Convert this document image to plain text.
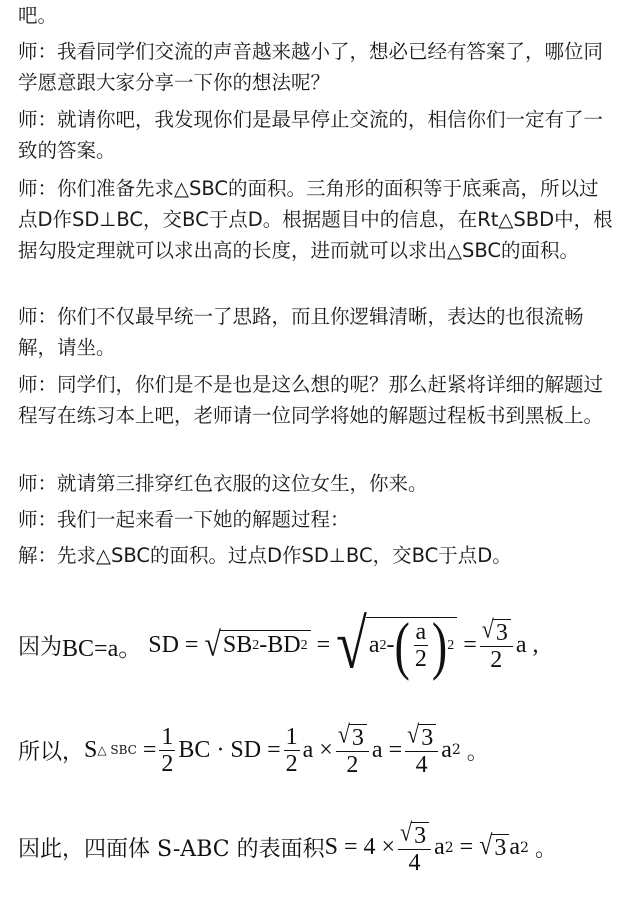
吧。

师：我看同学们交流的声音越来越小了，想必已经有答案了，哪位同学愿意跟大家分享一下你的想法呢？

师：就请你吧，我发现你们是最早停止交流的，相信你们一定有了一致的答案。

师：你们准备先求△SBC的面积。三角形的面积等于底乘高，所以过点D作SD⊥BC，交BC于点D。根据题目中的信息，在Rt△SBD中，根据勾股定理就可以求出高的长度，进而就可以求出△SBC的面积。

师：你们不仅最早统一了思路，而且你逻辑清晰，表达的也很流畅解，请坐。

师：同学们，你们是不是也是这么想的呢？那么赶紧将详细的解题过程写在练习本上吧，老师请一位同学将她的解题过程板书到黑板上。

师：就请第三排穿红色衣服的这位女生，你来。

师：我们一起来看一下她的解题过程：

解：先求△SBC的面积。过点D作SD⊥BC，交BC于点D。

因为 BC=a。 SD = √ SB 2 -BD 2 = √ a 2 - ( $\frac{a}{2}$ ) $2 = \frac{√ 3}{2}$ a ,
所以， S △ SBC = $\frac{1}{2}$ BC · SD = $\frac{1}{2}$ $a \times \frac{√ 3}{2}$ $a = \frac{√ 3}{4}$ a 2 。
因此，四面体 S-ABC 的表面积 $S = 4 \times \frac{√ 3}{4}$ a 2 = √ 3 a 2 。
